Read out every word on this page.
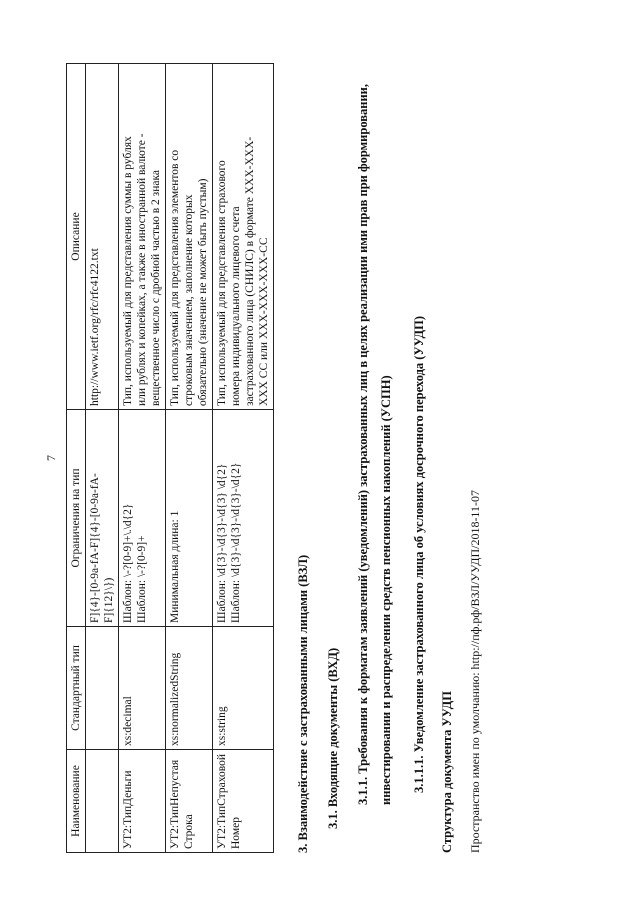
7
Наименование	Стандартный тип	Ограничения на тип	Описание

		F]{4}-[0-9a-fA-F]{4}-[0-9a-fA- F]{12}\})	http://www.ietf.org/rfc/rfc4122.txt

УТ2:ТипДеньги	xs:decimal	Шаблон: \-?[0-9]+\.\d{2} Шаблон: \-?[0-9]+	Тип, используемый для представления суммы в рублях или рублях и копейках, а также в иностранной валюте - вещественное число с дробной частью в 2 знака

УТ2:ТипНепустаяСтрока	xs:normalizedString	Минимальная длина: 1	Тип, используемый для представления элементов со строковым значением, заполнение которых обязательно (значение не может быть пустым)

УТ2:ТипСтраховойНомер	xs:string	Шаблон: \d{3}-\d{3}-\d{3} \d{2} Шаблон: \d{3}-\d{3}-\d{3}-\d{2}	Тип, используемый для представления страхового номера индивидуального лицевого счета застрахованного лица (СНИЛС) в формате XXX-XXX- XXX CC или XXX-XXX-XXX-CC
3. Взаимодействие с застрахованными лицами (ВЗЛ) 3.1. Входящие документы (ВХД)	3.1.1. Требования к форматам заявлений (уведомлений) застрахованных лиц в целях реализации ими прав при формировании, инвестировании и распределении средств пенсионных накоплений (УСПН)	3.1.1.1. Уведомление застрахованного лица об условиях досрочного перехода (УУДП) Структура документа УУДП Пространство имен по умолчанию: http://пф.рф/ВЗЛ/УУДП/2018-11-07
